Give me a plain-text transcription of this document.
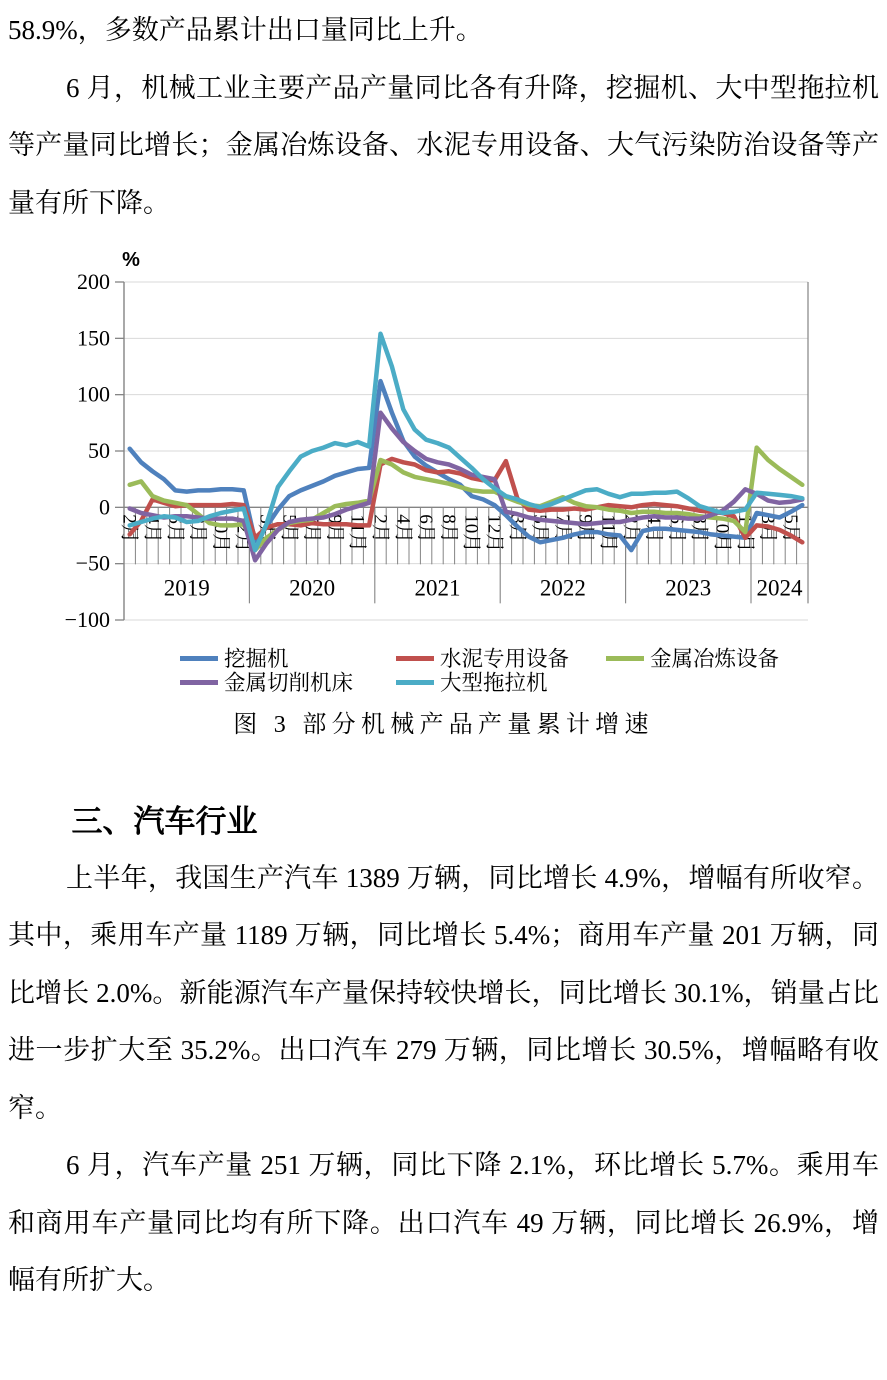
58.9%，多数产品累计出口量同比上升。

6 月，机械工业主要产品产量同比各有升降，挖掘机、大中型拖拉机等产量同比增长；金属冶炼设备、水泥专用设备、大气污染防治设备等产量有所下降。

200
150
100
50
0
−50
−100
%
2月 4月 6月 8月 10月 12月 3月 5月 7月 9月 11月 2月 4月 6月 8月 10月 12月 3月 5月 7月 9月 11月 2月 4月 6月 8月 10月 12月 3月 5月
2019	2020	2021	2022	2023 2024
挖掘机	水泥专用设备	金属冶炼设备
金属切削机床	大型拖拉机
图 3 部分机械产品产量累计增速
三、汽车行业

上半年，我国生产汽车 1389 万辆，同比增长 4.9%，增幅有所收窄。其中，乘用车产量 1189 万辆，同比增长 5.4%；商用车产量 201 万辆，同比增长 2.0%。新能源汽车产量保持较快增长，同比增长 30.1%，销量占比进一步扩大至 35.2%。出口汽车 279 万辆，同比增长 30.5%，增幅略有收窄。

6 月，汽车产量 251 万辆，同比下降 2.1%，环比增长 5.7%。乘用车和商用车产量同比均有所下降。出口汽车 49 万辆，同比增长 26.9%，增幅有所扩大。
